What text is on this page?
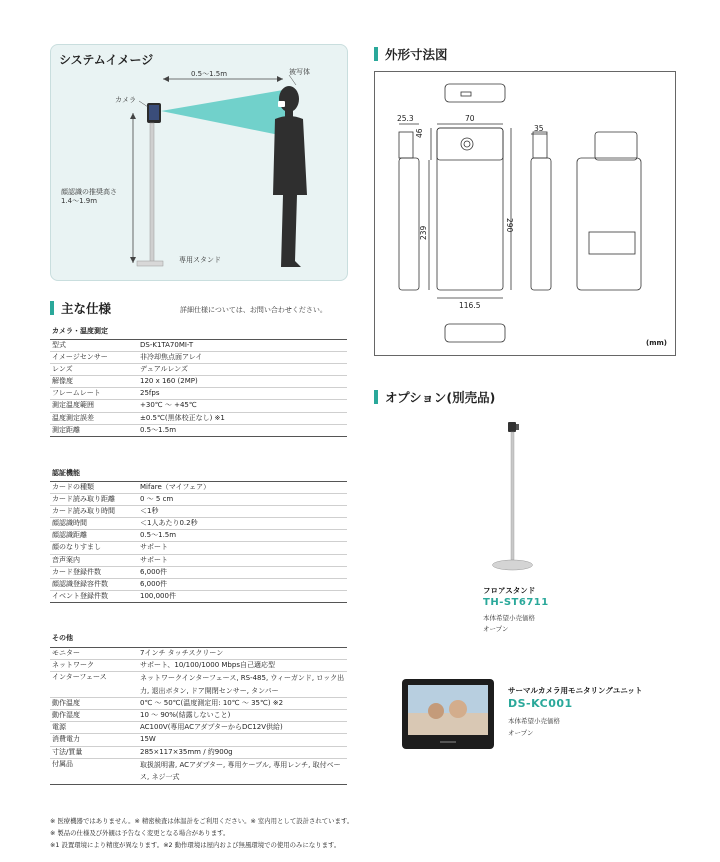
システムイメージ
0.5～1.5m	被写体
カメラ
顔認識の推奨高さ
1.4～1.9m
専用スタンド
主な仕様	詳細仕様については、お問い合わせください。
カメラ・温度測定
型式	DS-K1TA70MI-T
イメージセンサー	非冷却焦点面アレイ
レンズ	デュアルレンズ
解像度	120 x 160 (2MP)
フレームレート	25fps
測定温度範囲	+30℃ ～ +45℃
温度測定誤差	±0.5℃(黒体校正なし) ※1
測定距離	0.5～1.5m
認証機能
カードの種類	Mifare（マイフェア）
カード読み取り距離	0 ～ 5 cm
カード読み取り時間	＜1秒
顔認識時間	＜1人あたり0.2秒
顔認識距離	0.5～1.5m
顔のなりすまし	サポート
音声案内	サポート
カード登録件数	6,000件
顔認識登録容件数	6,000件
イベント登録件数	100,000件
その他
モニター	7インチ タッチスクリーン
ネットワーク	サポート、10/100/1000 Mbps自己適応型
インターフェース	ネットワークインターフェース, RS-485, ウィーガンド, ロック出力, 退出ボタン, ドア開閉センサー, タンパー
動作温度	0℃ ～ 50℃(温度測定用: 10℃ ～ 35℃) ※2
動作湿度	10 ～ 90%(結露しないこと)
電源	AC100V(専用ACアダプターからDC12V供給)
消費電力	15W
寸法/質量	285×117×35mm / 約900g
付属品	取扱説明書, ACアダプター, 専用ケーブル, 専用レンチ, 取付ベース, ネジ一式
外形寸法図
25.3	70
35
46
239
290
116.5
(mm)
オプション(別売品)
フロアスタンド
TH-ST6711
本体希望小売価格
オープン
サーマルカメラ用モニタリングユニット
DS-KC001
本体希望小売価格
オープン
※ 医療機器ではありません。※ 精密検査は体温計をご利用ください。※ 室内用として設計されています。
※ 製品の仕様及び外観は予告なく変更となる場合があります。
※1 設置環境により精度が異なります。※2 動作環境は屋内および無風環境での使用のみになります。
